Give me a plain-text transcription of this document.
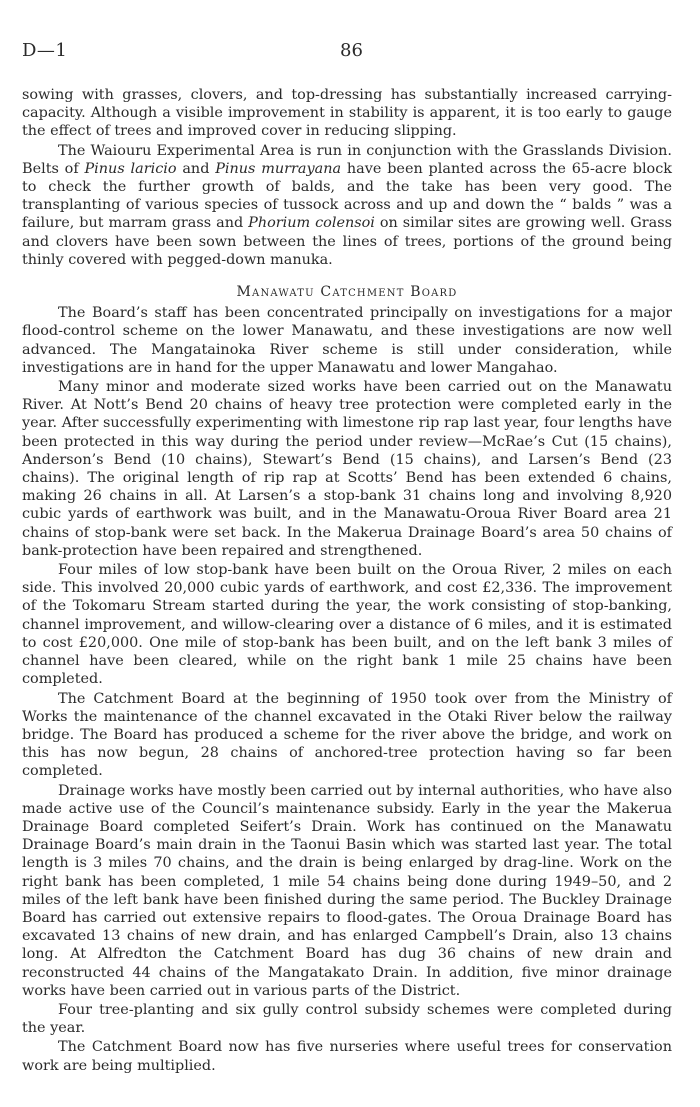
D—1	86

sowing with grasses, clovers, and top-dressing has substantially increased carrying-capacity. Although a visible improvement in stability is apparent, it is too early to gauge the effect of trees and improved cover in reducing slipping.

The Waiouru Experimental Area is run in conjunction with the Grasslands Division. Belts of Pinus laricio and Pinus murrayana have been planted across the 65-acre block to check the further growth of balds, and the take has been very good. The transplanting of various species of tussock across and up and down the “ balds ” was a failure, but marram grass and Phorium colensoi on similar sites are growing well. Grass and clovers have been sown between the lines of trees, portions of the ground being thinly covered with pegged-down manuka.

Manawatu Catchment Board

The Board’s staff has been concentrated principally on investigations for a major flood-control scheme on the lower Manawatu, and these investigations are now well advanced. The Mangatainoka River scheme is still under consideration, while investigations are in hand for the upper Manawatu and lower Mangahao.

Many minor and moderate sized works have been carried out on the Manawatu River. At Nott’s Bend 20 chains of heavy tree protection were completed early in the year. After successfully experimenting with limestone rip rap last year, four lengths have been protected in this way during the period under review—McRae’s Cut (15 chains), Anderson’s Bend (10 chains), Stewart’s Bend (15 chains), and Larsen’s Bend (23 chains). The original length of rip rap at Scotts’ Bend has been extended 6 chains, making 26 chains in all. At Larsen’s a stop-bank 31 chains long and involving 8,920 cubic yards of earthwork was built, and in the Manawatu-Oroua River Board area 21 chains of stop-bank were set back. In the Makerua Drainage Board’s area 50 chains of bank-protection have been repaired and strengthened.

Four miles of low stop-bank have been built on the Oroua River, 2 miles on each side. This involved 20,000 cubic yards of earthwork, and cost £2,336. The improvement of the Tokomaru Stream started during the year, the work consisting of stop-banking, channel improvement, and willow-clearing over a distance of 6 miles, and it is estimated to cost £20,000. One mile of stop-bank has been built, and on the left bank 3 miles of channel have been cleared, while on the right bank 1 mile 25 chains have been completed.

The Catchment Board at the beginning of 1950 took over from the Ministry of Works the maintenance of the channel excavated in the Otaki River below the railway bridge. The Board has produced a scheme for the river above the bridge, and work on this has now begun, 28 chains of anchored-tree protection having so far been completed.

Drainage works have mostly been carried out by internal authorities, who have also made active use of the Council’s maintenance subsidy. Early in the year the Makerua Drainage Board completed Seifert’s Drain. Work has continued on the Manawatu Drainage Board’s main drain in the Taonui Basin which was started last year. The total length is 3 miles 70 chains, and the drain is being enlarged by drag-line. Work on the right bank has been completed, 1 mile 54 chains being done during 1949–50, and 2 miles of the left bank have been finished during the same period. The Buckley Drainage Board has carried out extensive repairs to flood-gates. The Oroua Drainage Board has excavated 13 chains of new drain, and has enlarged Campbell’s Drain, also 13 chains long. At Alfredton the Catchment Board has dug 36 chains of new drain and reconstructed 44 chains of the Mangatakato Drain. In addition, five minor drainage works have been carried out in various parts of the District.

Four tree-planting and six gully control subsidy schemes were completed during the year.

The Catchment Board now has five nurseries where useful trees for conservation work are being multiplied.
